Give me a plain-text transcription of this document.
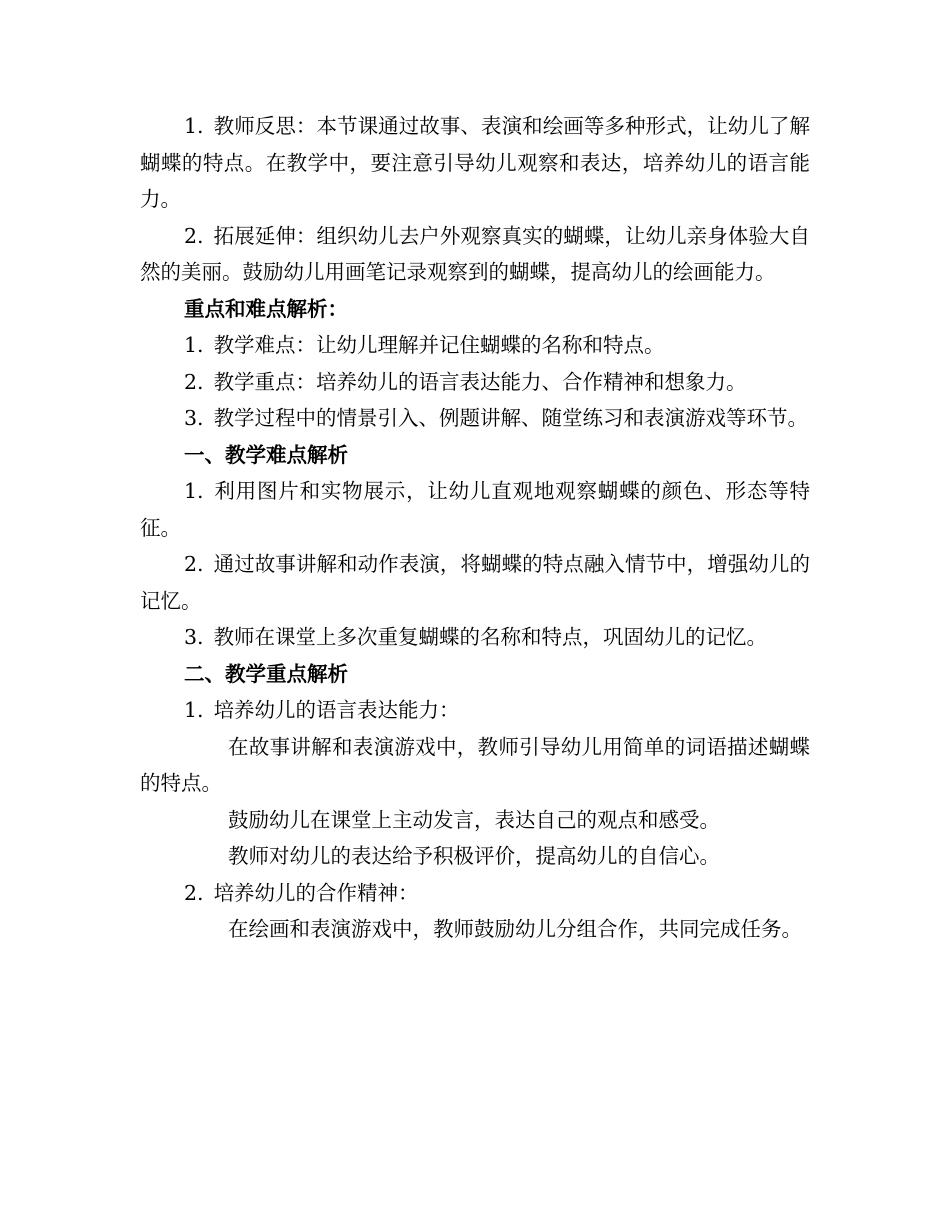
1. 教师反思：本节课通过故事、表演和绘画等多种形式，让幼儿了解蝴蝶的特点。在教学中，要注意引导幼儿观察和表达，培养幼儿的语言能力。

2. 拓展延伸：组织幼儿去户外观察真实的蝴蝶，让幼儿亲身体验大自然的美丽。鼓励幼儿用画笔记录观察到的蝴蝶，提高幼儿的绘画能力。

重点和难点解析：

1. 教学难点：让幼儿理解并记住蝴蝶的名称和特点。

2. 教学重点：培养幼儿的语言表达能力、合作精神和想象力。

3. 教学过程中的情景引入、例题讲解、随堂练习和表演游戏等环节。

一、教学难点解析

1. 利用图片和实物展示，让幼儿直观地观察蝴蝶的颜色、形态等特征。

2. 通过故事讲解和动作表演，将蝴蝶的特点融入情节中，增强幼儿的记忆。

3. 教师在课堂上多次重复蝴蝶的名称和特点，巩固幼儿的记忆。

二、教学重点解析

1. 培养幼儿的语言表达能力：

在故事讲解和表演游戏中，教师引导幼儿用简单的词语描述蝴蝶的特点。

鼓励幼儿在课堂上主动发言，表达自己的观点和感受。

教师对幼儿的表达给予积极评价，提高幼儿的自信心。

2. 培养幼儿的合作精神：

在绘画和表演游戏中，教师鼓励幼儿分组合作，共同完成任务。
